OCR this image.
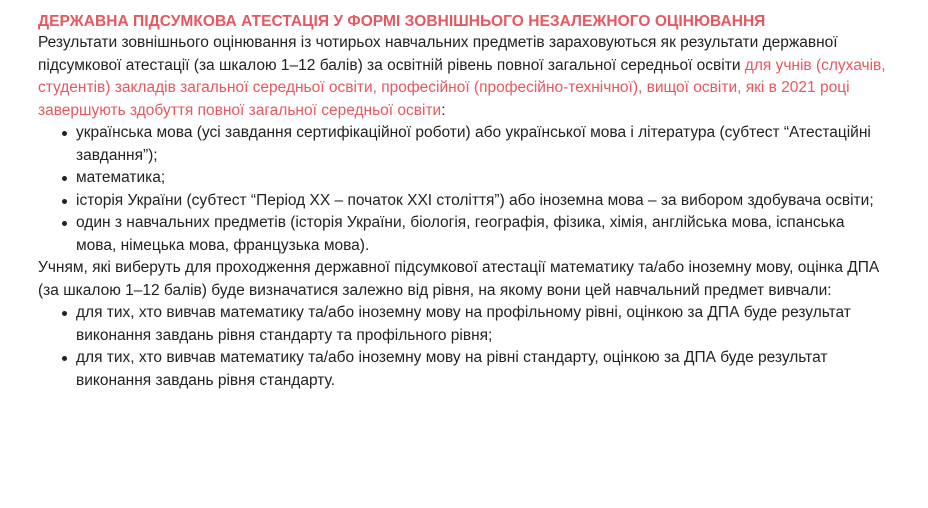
ДЕРЖАВНА ПІДСУМКОВА АТЕСТАЦІЯ У ФОРМІ ЗОВНІШНЬОГО НЕЗАЛЕЖНОГО ОЦІНЮВАННЯ

Результати зовнішнього оцінювання із чотирьох навчальних предметів зараховуються як результати державної підсумкової атестації (за шкалою 1–12 балів) за освітній рівень повної загальної середньої освіти для учнів (слухачів, студентів) закладів загальної середньої освіти, професійної (професійно-технічної), вищої освіти, які в 2021 році завершують здобуття повної загальної середньої освіти:

українська мова (усі завдання сертифікаційної роботи) або української мова і література (субтест “Атестаційні завдання”);
математика;
історія України (субтест “Період ХХ – початок ХХІ століття”) або іноземна мова – за вибором здобувача освіти;
один з навчальних предметів (історія України, біологія, географія, фізика, хімія, англійська мова, іспанська мова, німецька мова, французька мова).

Учням, які виберуть для проходження державної підсумкової атестації математику та/або іноземну мову, оцінка ДПА (за шкалою 1–12 балів) буде визначатися залежно від рівня, на якому вони цей навчальний предмет вивчали:

для тих, хто вивчав математику та/або іноземну мову на профільному рівні, оцінкою за ДПА буде результат виконання завдань рівня стандарту та профільного рівня;
для тих, хто вивчав математику та/або іноземну мову на рівні стандарту, оцінкою за ДПА буде результат виконання завдань рівня стандарту.
